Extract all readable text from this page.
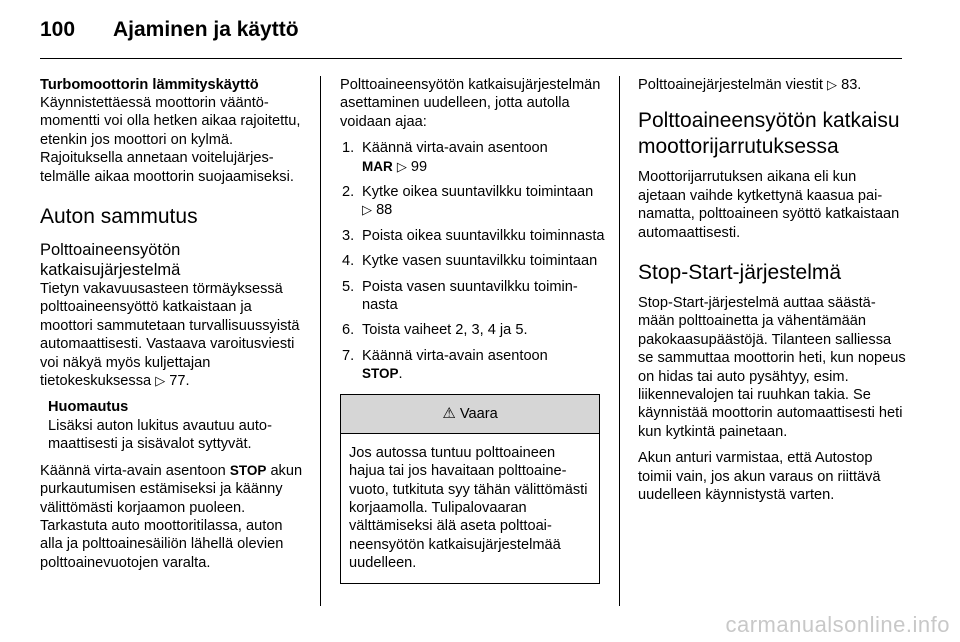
100 Ajaminen ja käyttö

Turbomoottorin lämmityskäyttö

Käynnistettäessä moottorin vääntömomentti voi olla hetken aikaa rajoitettu, etenkin jos moottori on kylmä. Rajoituksella annetaan voitelujärjestelmälle aikaa moottorin suojaamiseksi.

Auton sammutus

Polttoaineensyötön
katkaisujärjestelmä

Tietyn vakavuusasteen törmäyksessä polttoaineensyöttö katkaistaan ja moottori sammutetaan turvallisuussyistä automaattisesti. Vastaava varoitusviesti voi näkyä myös kuljettajan tietokeskuksessa ▷ 77.

Huomautus

Lisäksi auton lukitus avautuu automaattisesti ja sisävalot syttyvät.

Käännä virta-avain asentoon STOP akun purkautumisen estämiseksi ja käänny välittömästi korjaamon puoleen. Tarkastuta auto moottoritilassa, auton alla ja polttoainesäiliön lähellä olevien polttoainevuotojen varalta.

Polttoaineensyötön katkaisujärjestelmän asettaminen uudelleen, jotta autolla voidaan ajaa:

1. Käännä virta-avain asentoon
MAR ▷ 99
2. Kytke oikea suuntavilkku toimintaan ▷ 88
3. Poista oikea suuntavilkku toiminnasta
4. Kytke vasen suuntavilkku toimintaan
5. Poista vasen suuntavilkku toiminnasta
6. Toista vaiheet 2, 3, 4 ja 5.
7. Käännä virta-avain asentoon
STOP.
⚠ Vaara
Jos autossa tuntuu polttoaineen hajua tai jos havaitaan polttoainevuoto, tutkituta syy tähän välittömästi korjaamolla. Tulipalovaaran välttämiseksi älä aseta polttoaineensyötön katkaisujärjestelmää uudelleen.

Polttoainejärjestelmän viestit ▷ 83.

Polttoaineensyötön katkaisu moottorijarrutuksessa

Moottorijarrutuksen aikana eli kun ajetaan vaihde kytkettynä kaasua painamatta, polttoaineen syöttö katkaistaan automaattisesti.

Stop-Start-järjestelmä

Stop-Start-järjestelmä auttaa säästämään polttoainetta ja vähentämään pakokaasupäästöjä. Tilanteen salliessa se sammuttaa moottorin heti, kun nopeus on hidas tai auto pysähtyy, esim. liikennevalojen tai ruuhkan takia. Se käynnistää moottorin automaattisesti heti kun kytkintä painetaan.

Akun anturi varmistaa, että Autostop toimii vain, jos akun varaus on riittävä uudelleen käynnistystä varten.

carmanualsonline.info
